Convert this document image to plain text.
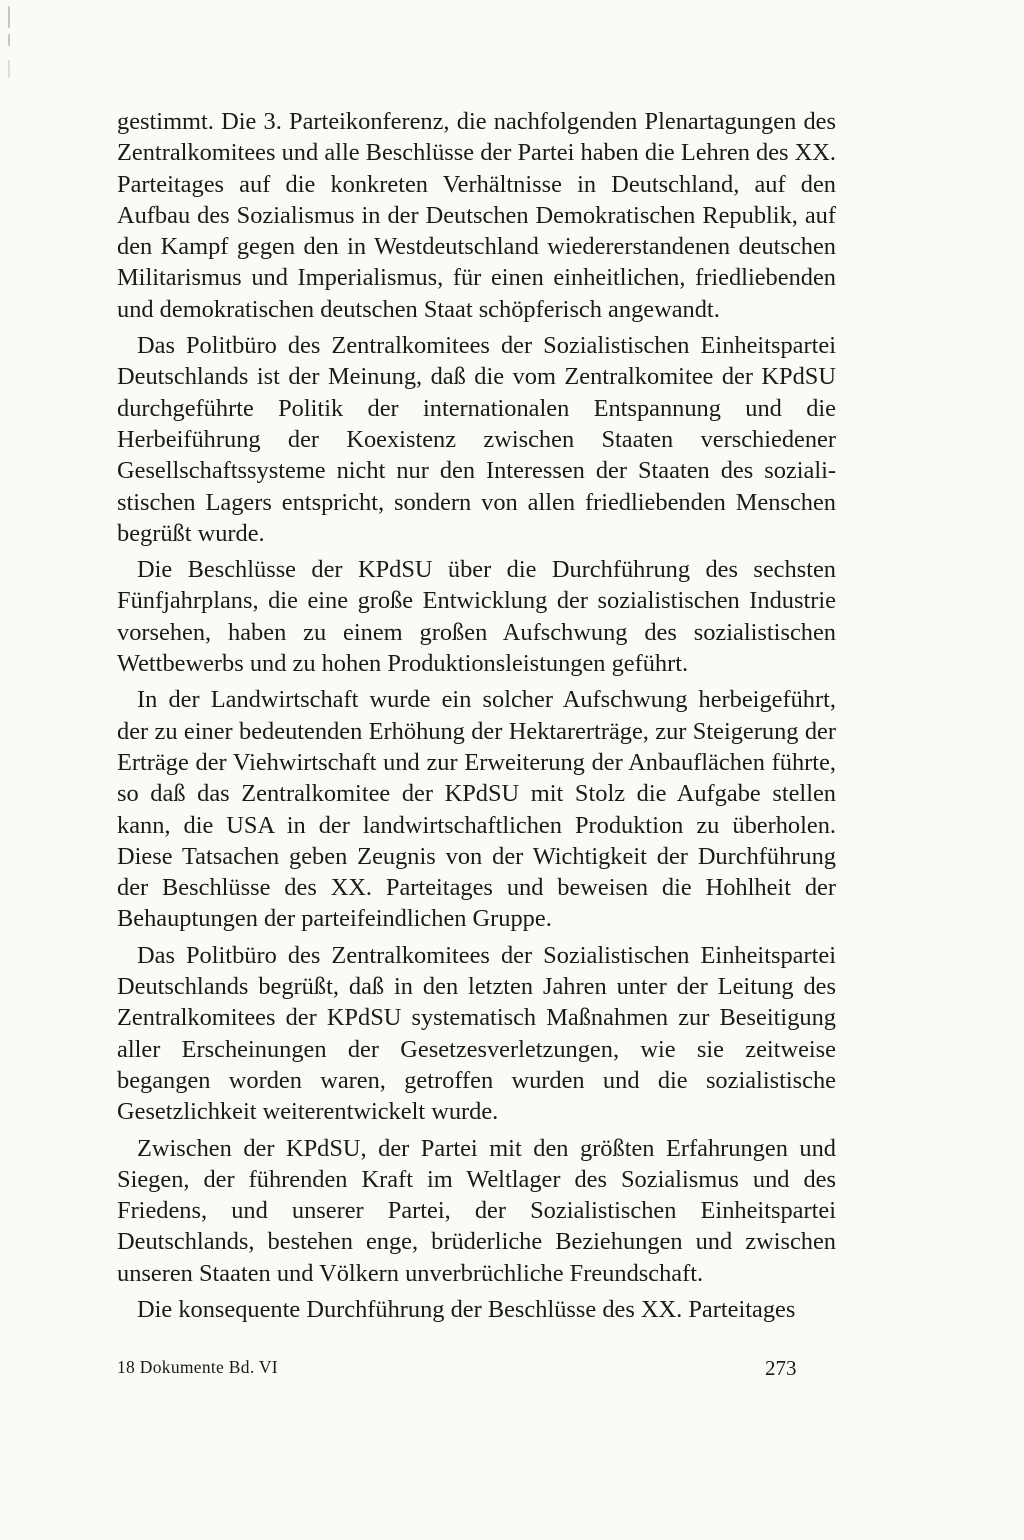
gestimmt. Die 3. Parteikonferenz, die nachfolgenden Plenartagungen des Zentralkomitees und alle Beschlüsse der Partei haben die Lehren des XX. Parteitages auf die konkreten Verhältnisse in Deutschland, auf den Aufbau des Sozialismus in der Deutschen Demokratischen Republik, auf den Kampf gegen den in Westdeutschland wiedererstandenen deutschen Militarismus und Imperialismus, für einen einheitlichen, friedliebenden und demokratischen deutschen Staat schöpferisch angewandt.

Das Politbüro des Zentralkomitees der Sozialistischen Einheitspartei Deutschlands ist der Meinung, daß die vom Zentralkomitee der KPdSU durchgeführte Politik der internationalen Entspannung und die Herbeiführung der Koexistenz zwischen Staaten verschiedener Gesellschaftssysteme nicht nur den Interessen der Staaten des sozialistischen Lagers entspricht, sondern von allen friedliebenden Menschen begrüßt wurde.

Die Beschlüsse der KPdSU über die Durchführung des sechsten Fünfjahrplans, die eine große Entwicklung der sozialistischen Industrie vorsehen, haben zu einem großen Aufschwung des sozialistischen Wettbewerbs und zu hohen Produktionsleistungen geführt.

In der Landwirtschaft wurde ein solcher Aufschwung herbeigeführt, der zu einer bedeutenden Erhöhung der Hektarerträge, zur Steigerung der Erträge der Viehwirtschaft und zur Erweiterung der Anbauflächen führte, so daß das Zentralkomitee der KPdSU mit Stolz die Aufgabe stellen kann, die USA in der landwirtschaftlichen Produktion zu überholen. Diese Tatsachen geben Zeugnis von der Wichtigkeit der Durchführung der Beschlüsse des XX. Parteitages und beweisen die Hohlheit der Behauptungen der parteifeindlichen Gruppe.

Das Politbüro des Zentralkomitees der Sozialistischen Einheitspartei Deutschlands begrüßt, daß in den letzten Jahren unter der Leitung des Zentralkomitees der KPdSU systematisch Maßnahmen zur Beseitigung aller Erscheinungen der Gesetzesverletzungen, wie sie zeitweise begangen worden waren, getroffen wurden und die sozialistische Gesetzlichkeit weiterentwickelt wurde.

Zwischen der KPdSU, der Partei mit den größten Erfahrungen und Siegen, der führenden Kraft im Weltlager des Sozialismus und des Friedens, und unserer Partei, der Sozialistischen Einheitspartei Deutschlands, bestehen enge, brüderliche Beziehungen und zwischen unseren Staaten und Völkern unverbrüchliche Freundschaft.

Die konsequente Durchführung der Beschlüsse des XX. Parteitages

18 Dokumente Bd. VI	273
